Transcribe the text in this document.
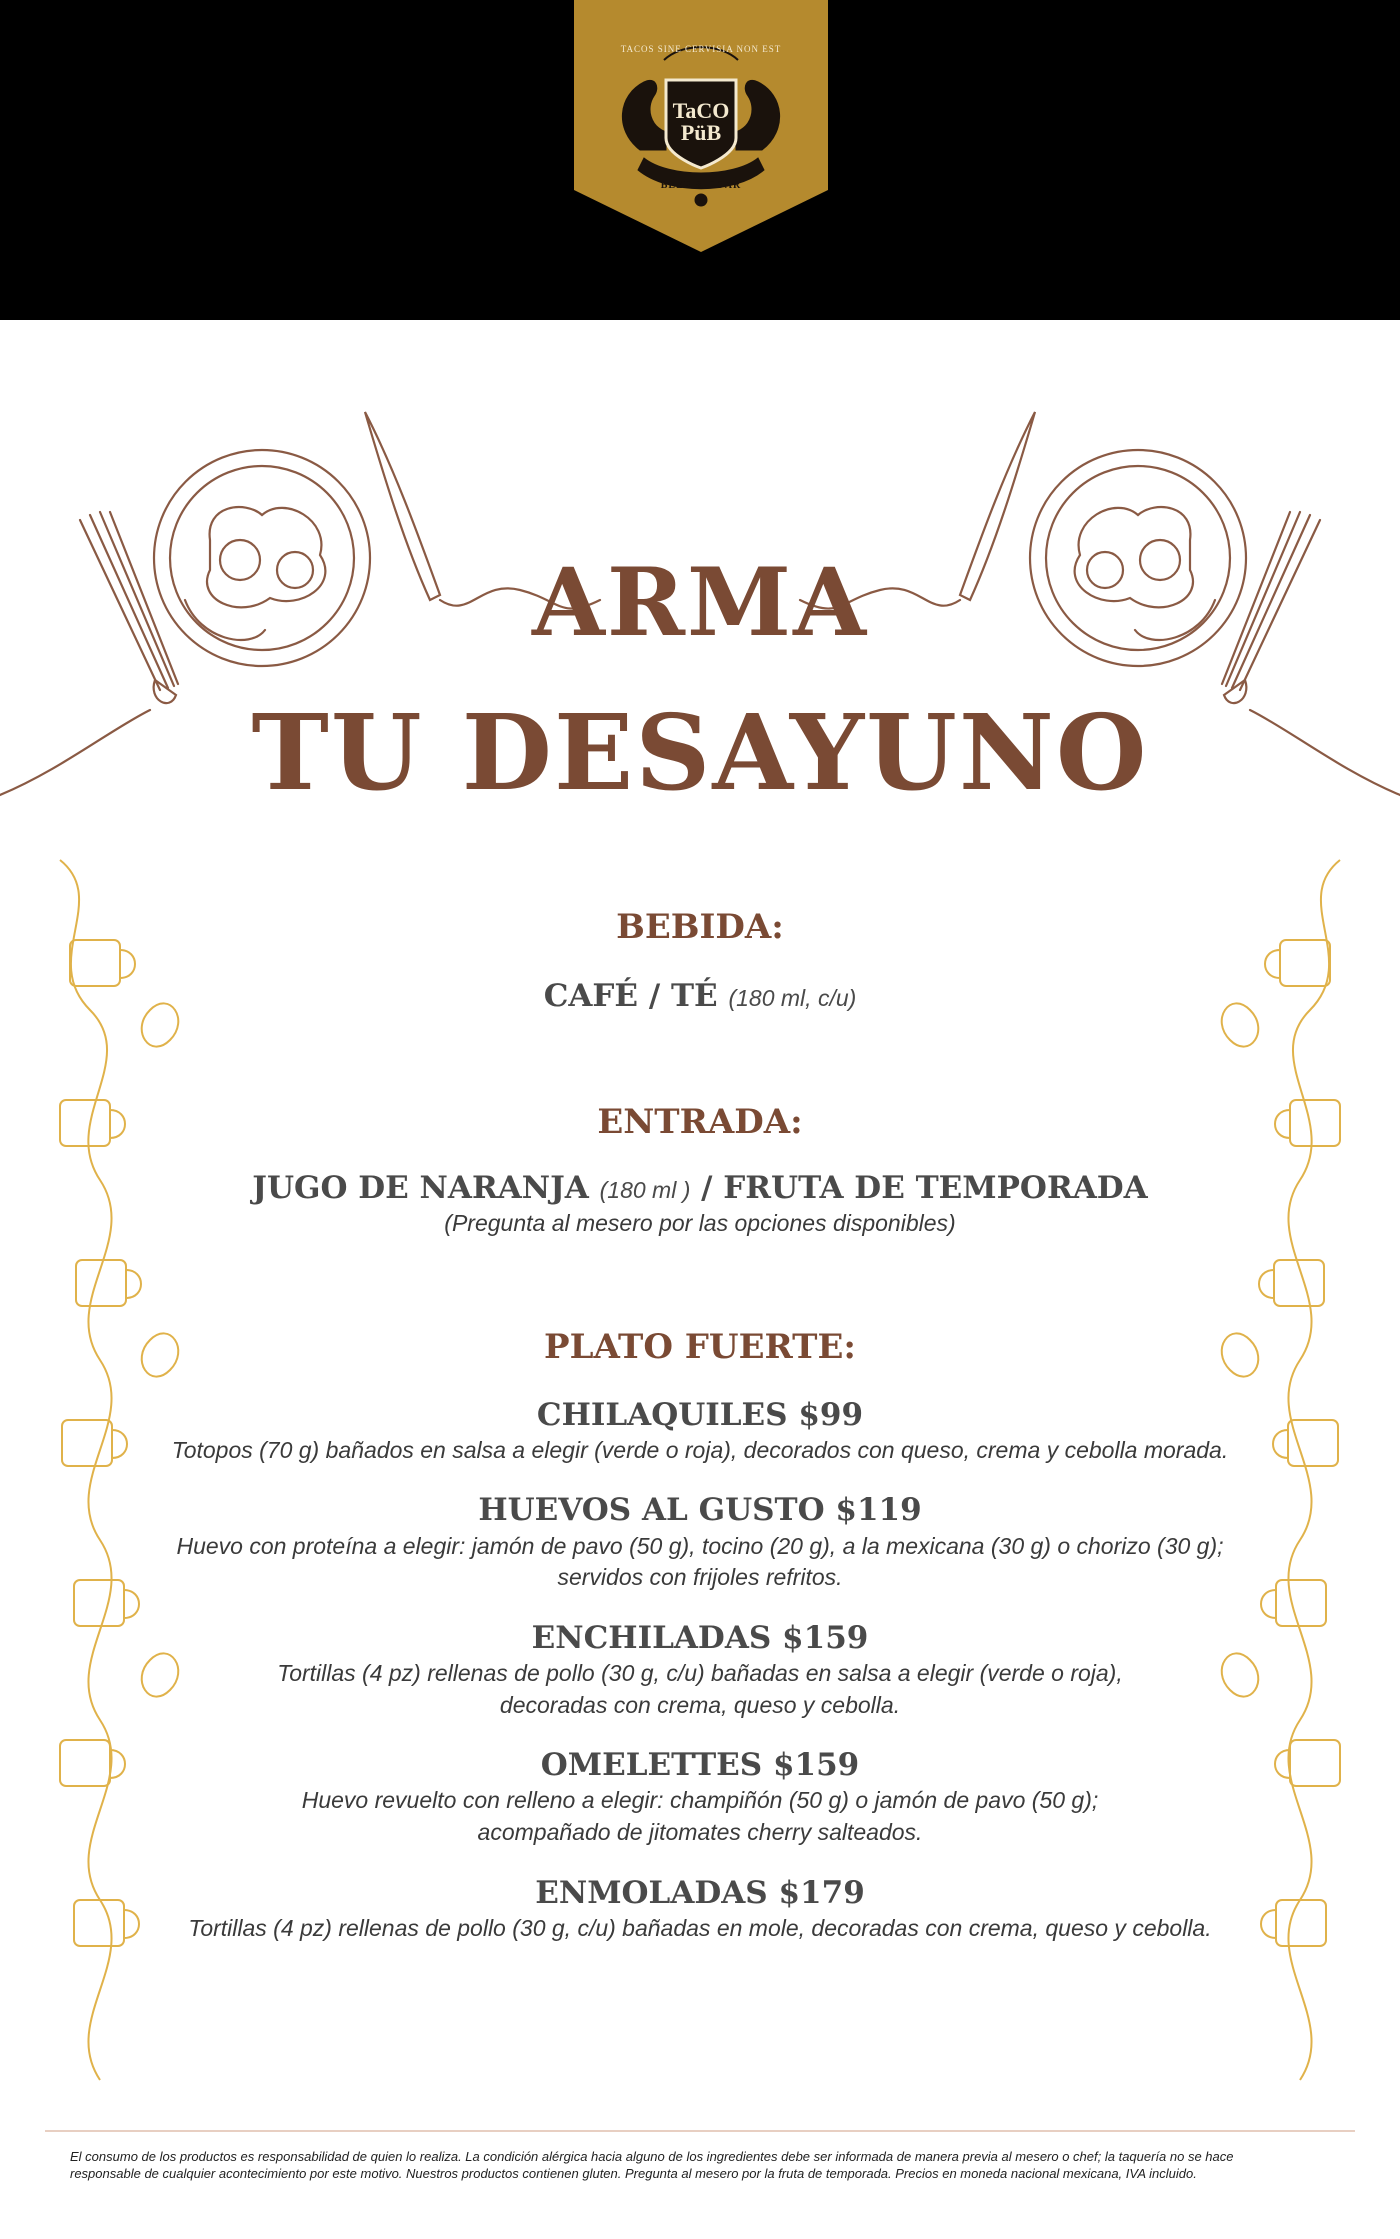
TACOS SINE CERVISIA NON EST
TaCO PüB
BEER & BOAR
ARMA
TU DESAYUNO
BEBIDA:
CAFÉ / TÉ (180 ml, c/u)
ENTRADA:
JUGO DE NARANJA (180 ml ) / FRUTA DE TEMPORADA
(Pregunta al mesero por las opciones disponibles)
PLATO FUERTE:
CHILAQUILES $99
Totopos (70 g) bañados en salsa a elegir (verde o roja), decorados con queso, crema y cebolla morada.
HUEVOS AL GUSTO $119
Huevo con proteína a elegir: jamón de pavo (50 g), tocino (20 g), a la mexicana (30 g) o chorizo (30 g);
servidos con frijoles refritos.
ENCHILADAS $159
Tortillas (4 pz) rellenas de pollo (30 g, c/u) bañadas en salsa a elegir (verde o roja),
decoradas con crema, queso y cebolla.
OMELETTES $159
Huevo revuelto con relleno a elegir: champiñón (50 g) o jamón de pavo (50 g);
acompañado de jitomates cherry salteados.
ENMOLADAS $179
Tortillas (4 pz) rellenas de pollo (30 g, c/u) bañadas en mole, decoradas con crema, queso y cebolla.
El consumo de los productos es responsabilidad de quien lo realiza. La condición alérgica hacia alguno de los ingredientes debe ser informada de manera previa al mesero o chef; la taquería no se hace
responsable de cualquier acontecimiento por este motivo. Nuestros productos contienen gluten. Pregunta al mesero por la fruta de temporada. Precios en moneda nacional mexicana, IVA incluido.
